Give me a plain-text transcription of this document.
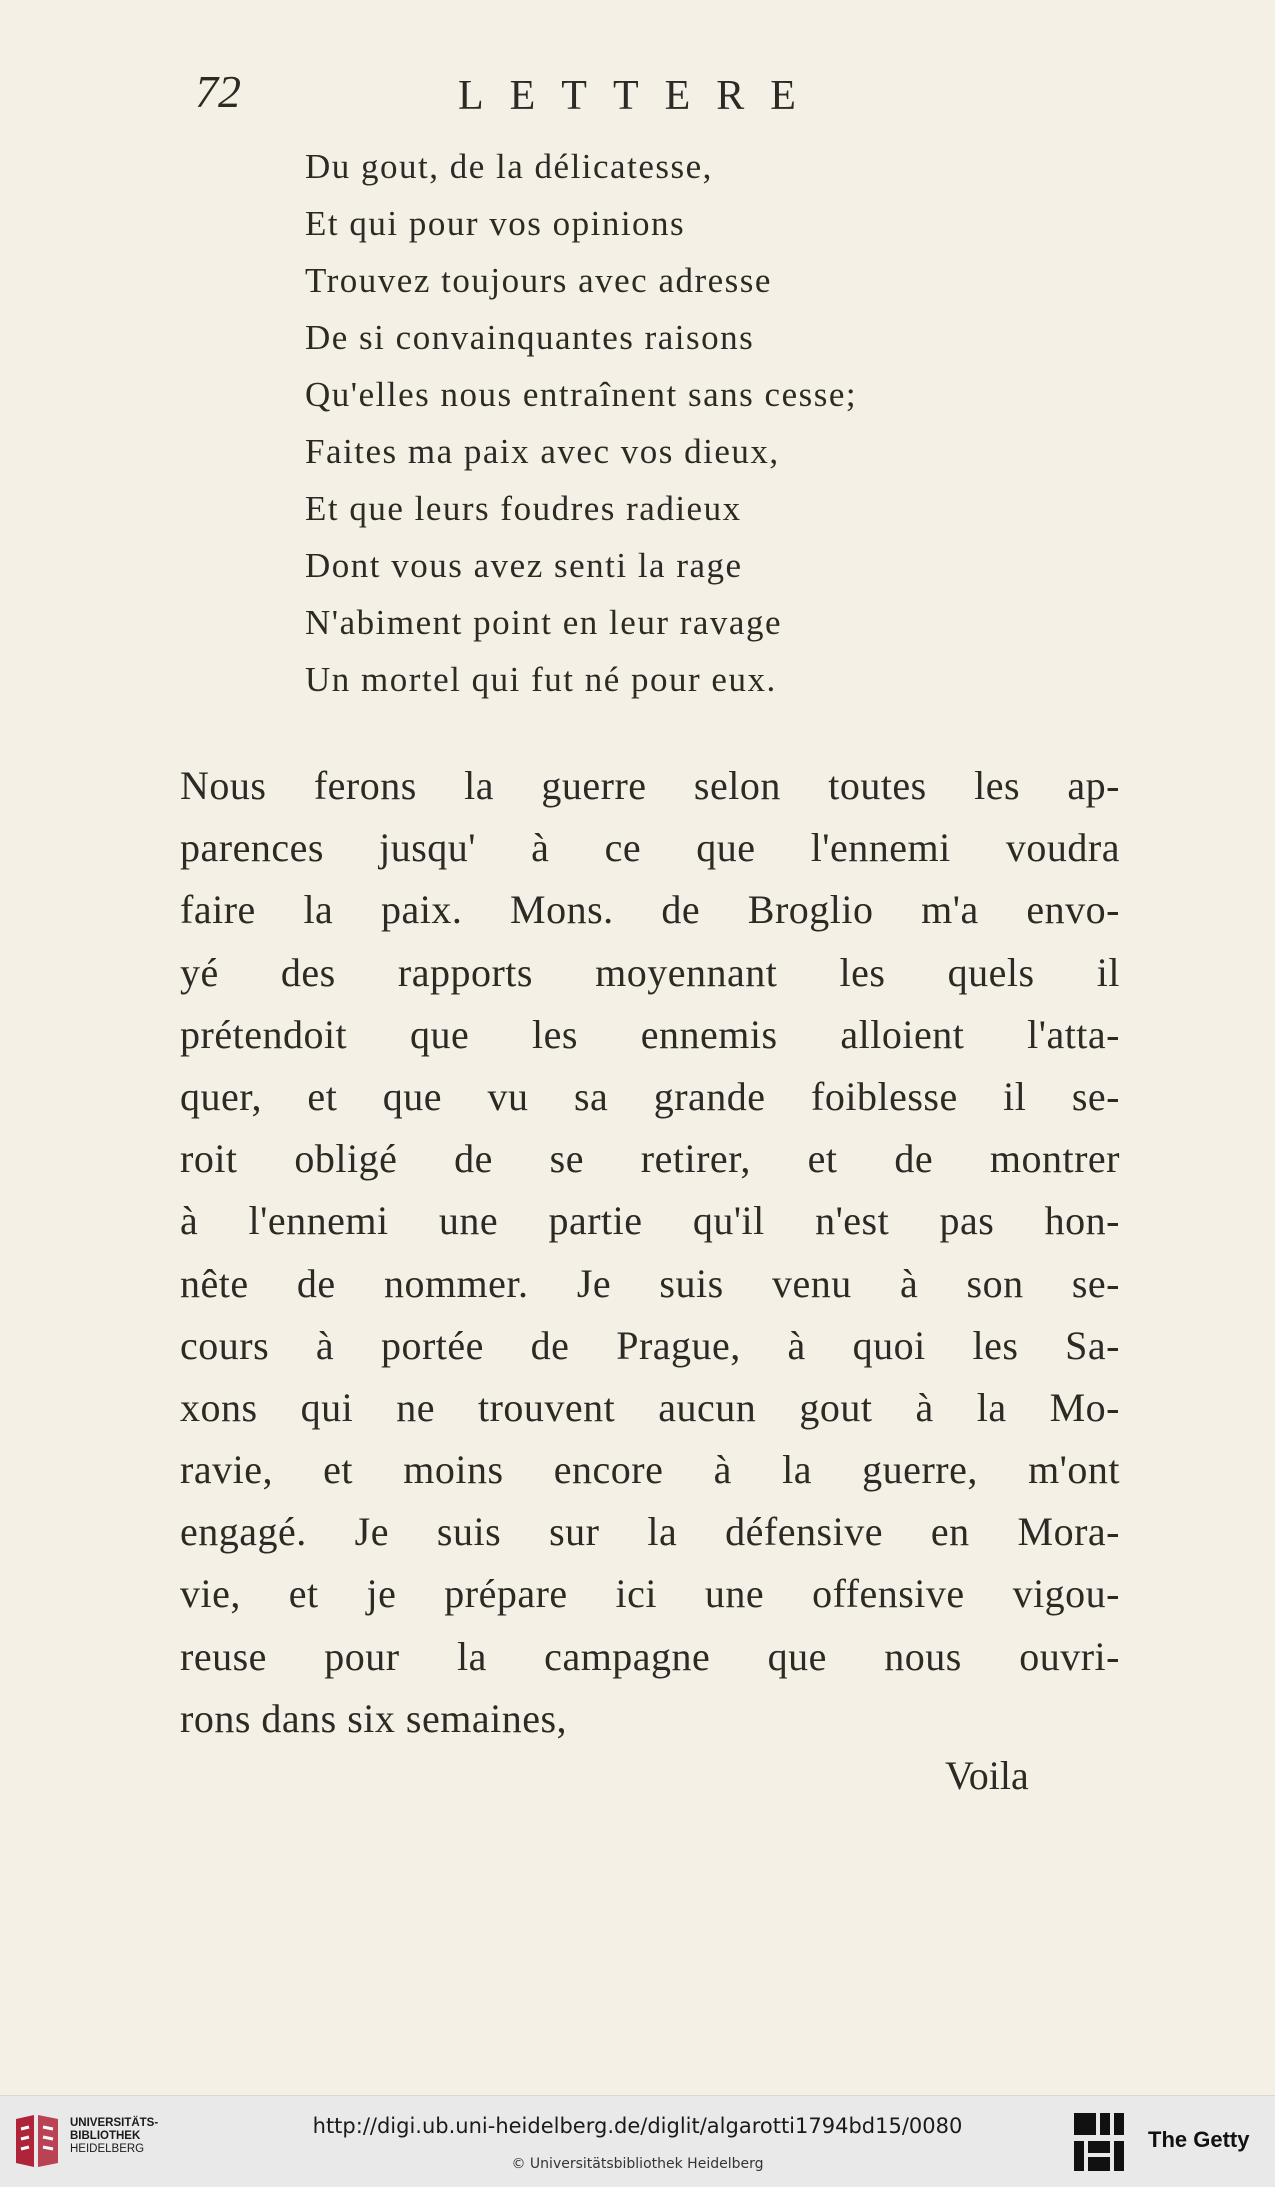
72	LETTERE
Du gout, de la délicatesse,
Et qui pour vos opinions
Trouvez toujours avec adresse
De si convainquantes raisons
Qu'elles nous entraînent sans cesse;
Faites ma paix avec vos dieux,
Et que leurs foudres radieux
Dont vous avez senti la rage
N'abiment point en leur ravage
Un mortel qui fut né pour eux.
Nous ferons la guerre selon toutes les ap-
parences jusqu' à ce que l'ennemi voudra
faire la paix. Mons. de Broglio m'a envo-
yé des rapports moyennant les quels il
prétendoit que les ennemis alloient l'atta-
quer, et que vu sa grande foiblesse il se-
roit obligé de se retirer, et de montrer
à l'ennemi une partie qu'il n'est pas hon-
nête de nommer. Je suis venu à son se-
cours à portée de Prague, à quoi les Sa-
xons qui ne trouvent aucun gout à la Mo-
ravie, et moins encore à la guerre, m'ont
engagé. Je suis sur la défensive en Mora-
vie, et je prépare ici une offensive vigou-
reuse pour la campagne que nous ouvri-
rons dans six semaines,
Voila
UNIVERSITÄTS-
BIBLIOTHEK
HEIDELBERG
http://digi.ub.uni-heidelberg.de/diglit/algarotti1794bd15/0080
© Universitätsbibliothek Heidelberg
The Getty
